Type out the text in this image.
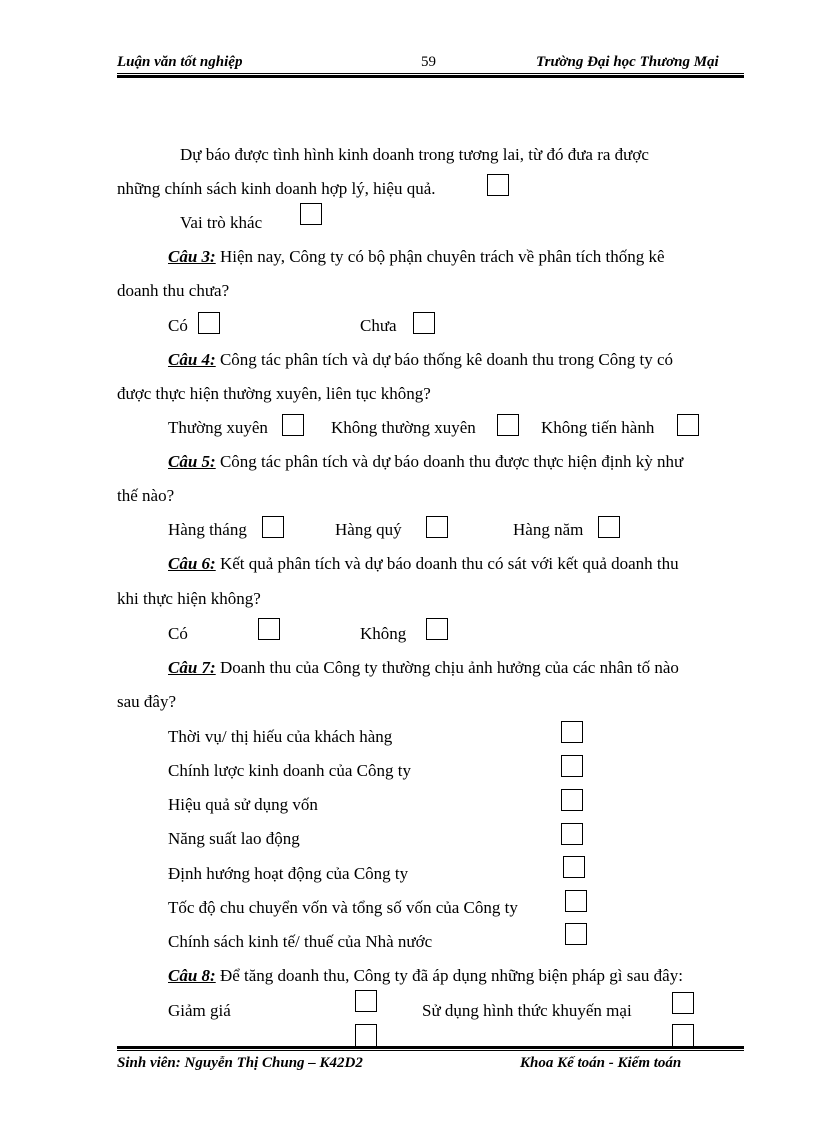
Luận văn tốt nghiệp	59	Trường Đại học Thương Mại
Dự báo được tình hình kinh doanh trong tương lai, từ đó đưa ra được
những chính sách kinh doanh hợp lý, hiệu quả.
Vai trò khác
Câu 3: Hiện nay, Công ty có bộ phận chuyên trách về phân tích thống kê
doanh thu chưa?
Có	Chưa
Câu 4: Công tác phân tích và dự báo thống kê doanh thu trong Công ty có
được thực hiện thường xuyên, liên tục không?
Thường xuyên	Không thường xuyên	Không tiến hành
Câu 5: Công tác phân tích và dự báo doanh thu được thực hiện định kỳ như
thế nào?
Hàng tháng	Hàng quý	Hàng năm
Câu 6: Kết quả phân tích và dự báo doanh thu có sát với kết quả doanh thu
khi thực hiện không?
Có	Không
Câu 7: Doanh thu của Công ty thường chịu ảnh hưởng của các nhân tố nào
sau đây?
Thời vụ/ thị hiếu của khách hàng
Chính lược kinh doanh của Công ty
Hiệu quả sử dụng vốn
Năng suất lao động
Định hướng hoạt động của Công ty
Tốc độ chu chuyển vốn và tổng số vốn của Công ty
Chính sách kinh tế/ thuế của Nhà nước
Câu 8: Để tăng doanh thu, Công ty đã áp dụng những biện pháp gì sau đây:
Giảm giá	Sử dụng hình thức khuyến mại
Sinh viên: Nguyễn Thị Chung – K42D2	Khoa Kế toán - Kiểm toán
